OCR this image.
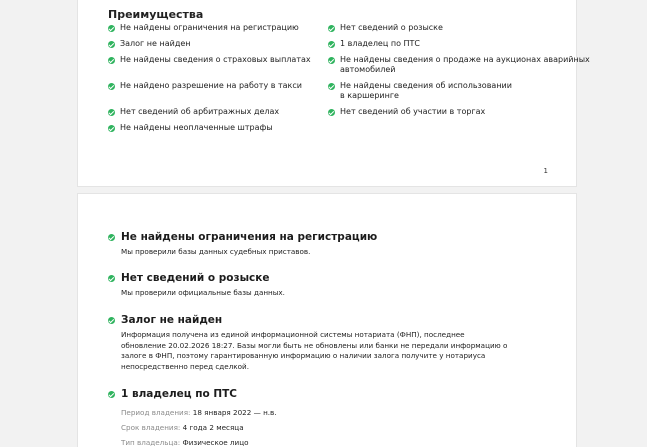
Преимущества
Не найдены ограничения на регистрацию
Залог не найден
Не найдены сведения о страховых выплатах
Не найдено разрешение на работу в такси
Нет сведений об арбитражных делах
Не найдены неоплаченные штрафы
Нет сведений о розыске
1 владелец по ПТС
Не найдены сведения о продаже на аукционах аварийных
автомобилей
Не найдены сведения об использовании
в каршеринге
Нет сведений об участии в торгах
1
Не найдены ограничения на регистрацию
Мы проверили базы данных судебных приставов.
Нет сведений о розыске
Мы проверили официальные базы данных.
Залог не найден
Информация получена из единой информационной системы нотариата (ФНП), последнее
обновление 20.02.2026 18:27. Базы могли быть не обновлены или банки не передали информацию о
залоге в ФНП, поэтому гарантированную информацию о наличии залога получите у нотариуса
непосредственно перед сделкой.
1 владелец по ПТС
Период владения: 18 января 2022 — н.в.
Срок владения: 4 года 2 месяца
Тип владельца: Физическое лицо
